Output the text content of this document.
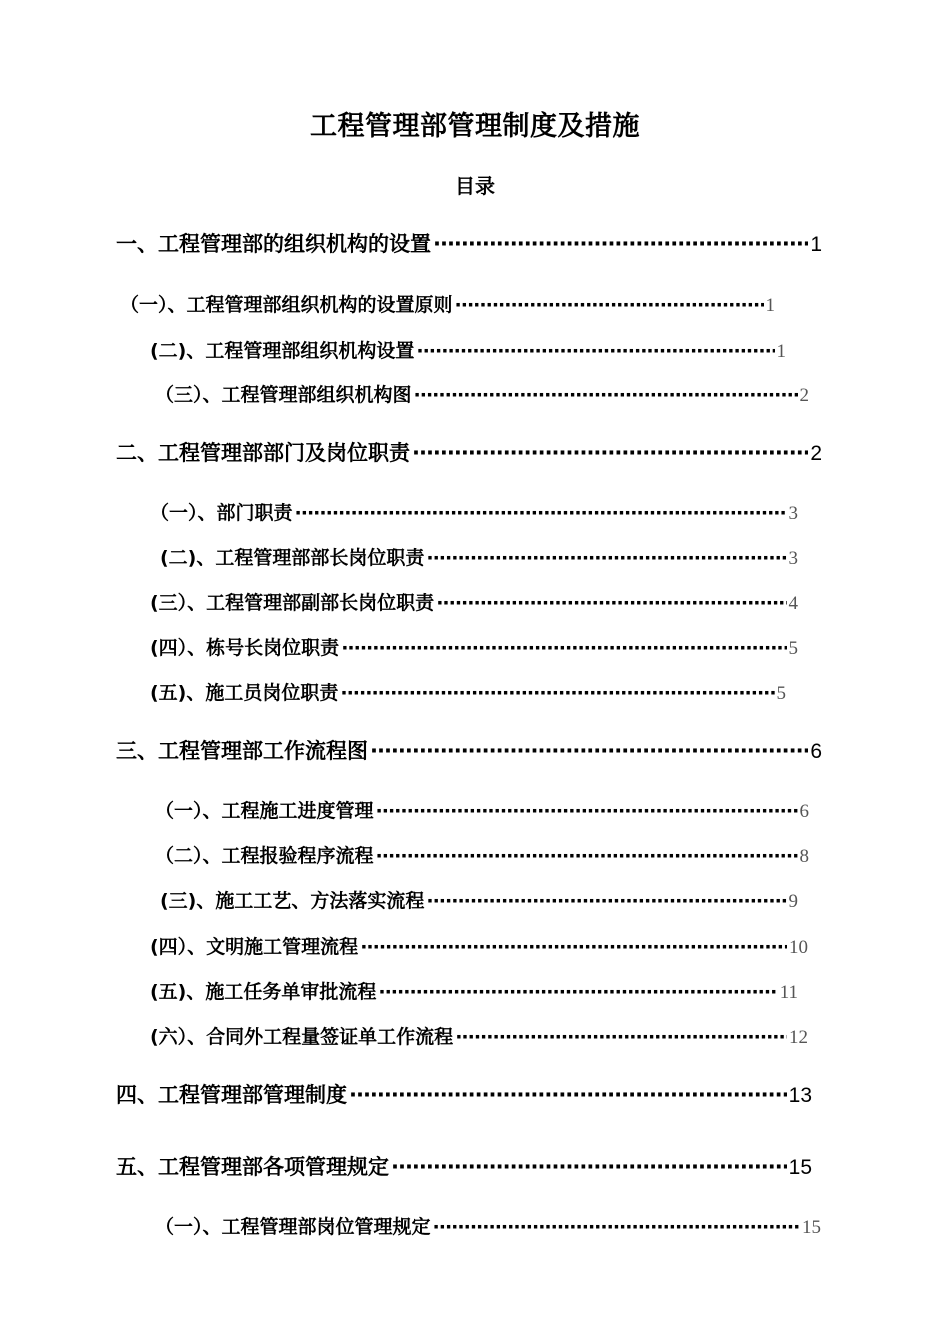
工程管理部管理制度及措施
目录
一、工程管理部的组织机构的设置 ·····	1
（一）、工程管理部组织机构的设置原则 ·····	1
(二)、工程管理部组织机构设置 ·····	1
（三）、工程管理部组织机构图 ·····	2
二、工程管理部部门及岗位职责 ·····	2
（一）、部门职责 ·····	3
(二)、工程管理部部长岗位职责 ·····	3
(三）、工程管理部副部长岗位职责 ·····	4
(四）、栋号长岗位职责 ·····	5
(五)、施工员岗位职责 ·····	5
三、工程管理部工作流程图 ·····	6
（一）、工程施工进度管理 ·····	6
（二）、工程报验程序流程 ·····	8
(三)、施工工艺、方法落实流程 ·····	9
(四）、文明施工管理流程 ·····	10
(五)、施工任务单审批流程 ·····	11
(六）、合同外工程量签证单工作流程 ·····	12
四、工程管理部管理制度 ·····	13
五、工程管理部各项管理规定 ·····	15
（一）、工程管理部岗位管理规定 ·····	15
